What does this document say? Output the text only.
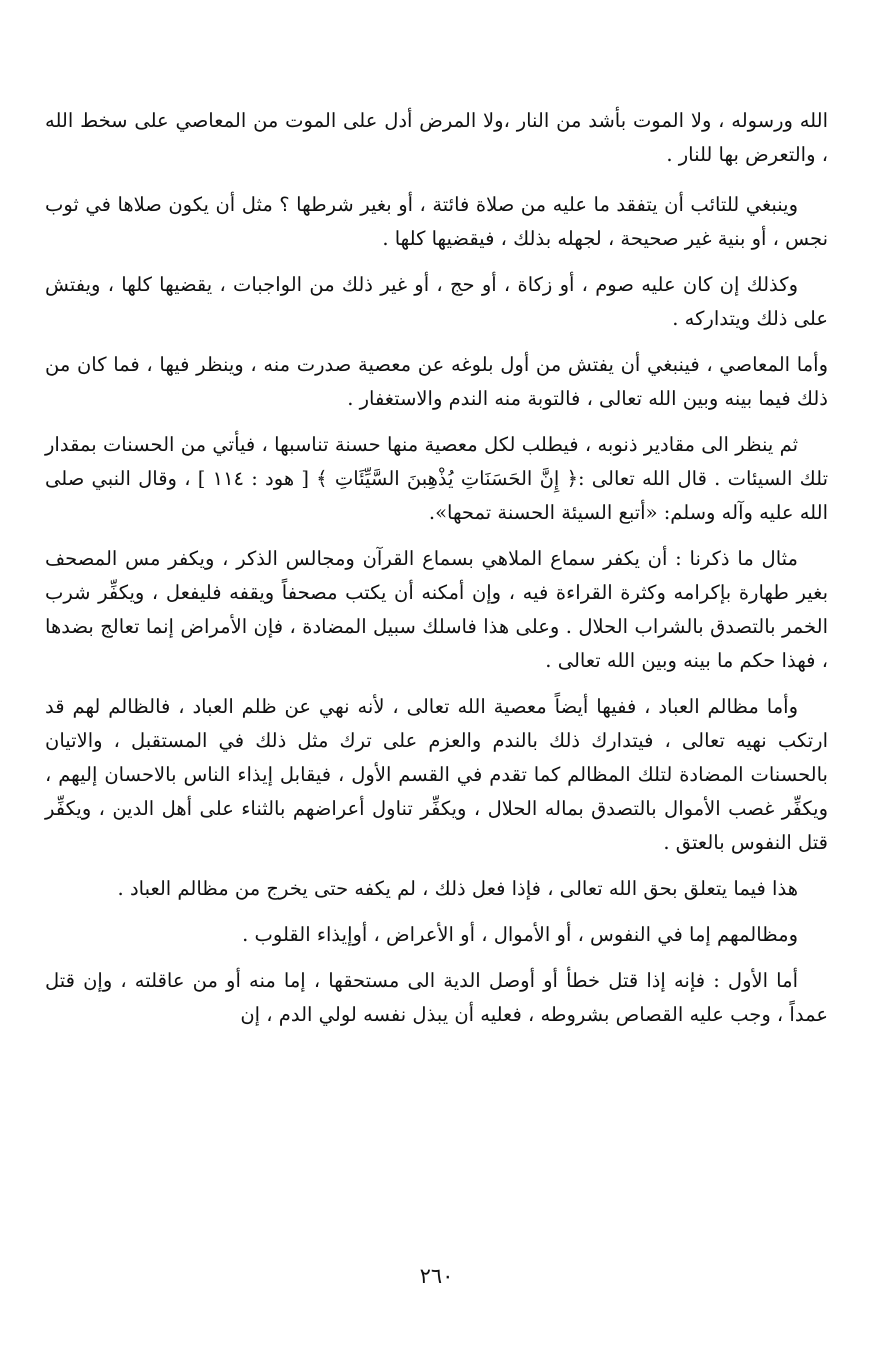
الله ورسوله ، ولا الموت بأشد من النار ،ولا المرض أدل على الموت من المعاصي على سخط الله ، والتعرض بها للنار .

وينبغي للتائب أن يتفقد ما عليه من صلاة فائتة ، أو بغير شرطها ؟ مثل أن يكون صلاها في ثوب نجس ، أو بنية غير صحيحة ، لجهله بذلك ، فيقضيها كلها .

وكذلك إن كان عليه صوم ، أو زكاة ، أو حج ، أو غير ذلك من الواجبات ، يقضيها كلها ، ويفتش على ذلك ويتداركه .

وأما المعاصي ، فينبغي أن يفتش من أول بلوغه عن معصية صدرت منه ، وينظر فيها ، فما كان من ذلك فيما بينه وبين الله تعالى ، فالتوبة منه الندم والاستغفار .

ثم ينظر الى مقادير ذنوبه ، فيطلب لكل معصية منها حسنة تناسبها ، فيأتي من الحسنات بمقدار تلك السيئات . قال الله تعالى :﴿ إِنَّ الحَسَنَاتِ يُذْهِبنَ السَّيِّئَاتِ ﴾ [ هود : ١١٤ ] ، وقال النبي صلى الله عليه وآله وسلم: «أتبع السيئة الحسنة تمحها».

مثال ما ذكرنا : أن يكفر سماع الملاهي بسماع القرآن ومجالس الذكر ، ويكفر مس المصحف بغير طهارة بإكرامه وكثرة القراءة فيه ، وإن أمكنه أن يكتب مصحفاً ويقفه فليفعل ، ويكفِّر شرب الخمر بالتصدق بالشراب الحلال . وعلى هذا فاسلك سبيل المضادة ، فإن الأمراض إنما تعالج بضدها ، فهذا حكم ما بينه وبين الله تعالى .

وأما مظالم العباد ، ففيها أيضاً معصية الله تعالى ، لأنه نهي عن ظلم العباد ، فالظالم لهم قد ارتكب نهيه تعالى ، فيتدارك ذلك بالندم والعزم على ترك مثل ذلك في المستقبل ، والاتيان بالحسنات المضادة لتلك المظالم كما تقدم في القسم الأول ، فيقابل إيذاء الناس بالاحسان إليهم ، ويكفِّر غصب الأموال بالتصدق بماله الحلال ، ويكفِّر تناول أعراضهم بالثناء على أهل الدين ، ويكفِّر قتل النفوس بالعتق .

هذا فيما يتعلق بحق الله تعالى ، فإذا فعل ذلك ، لم يكفه حتى يخرج من مظالم العباد .

ومظالمهم إما في النفوس ، أو الأموال ، أو الأعراض ، أوإيذاء القلوب .

أما الأول : فإنه إذا قتل خطأ أو أوصل الدية الى مستحقها ، إما منه أو من عاقلته ، وإن قتل عمداً ، وجب عليه القصاص بشروطه ، فعليه أن يبذل نفسه لولي الدم ، إن

٢٦٠
